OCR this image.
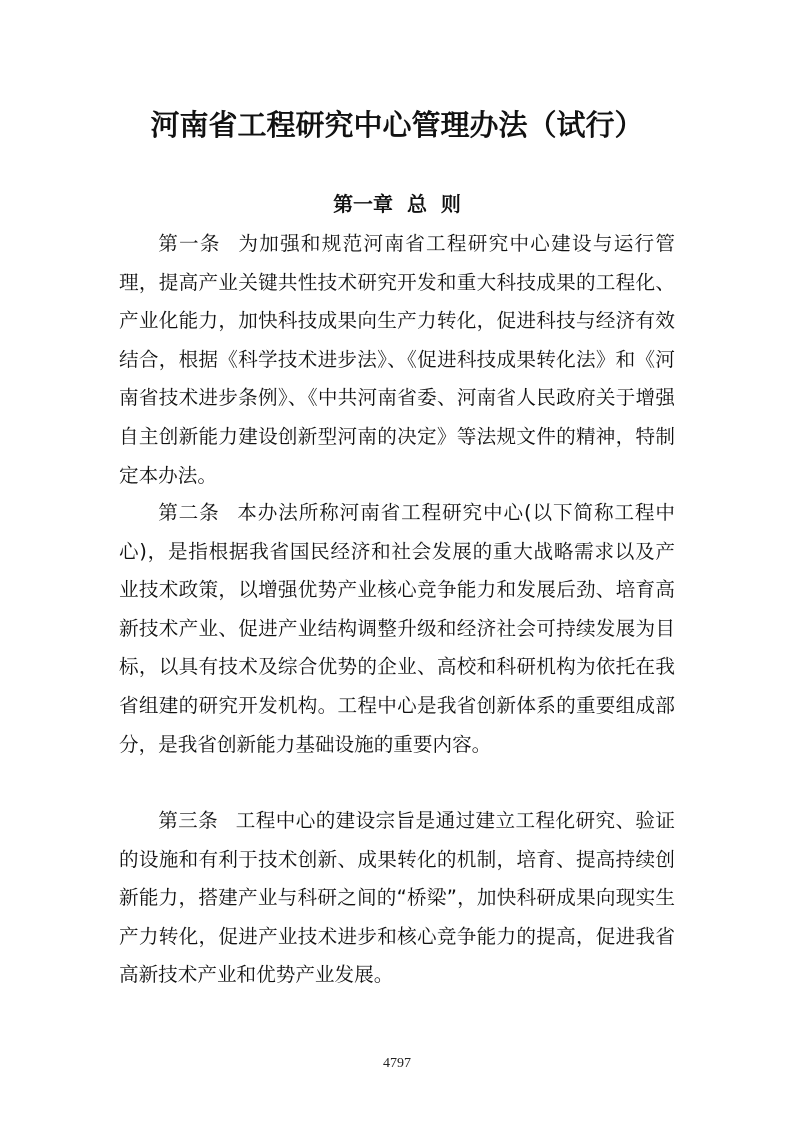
河南省工程研究中心管理办法（试行）
第一章  总  则

第一条 为加强和规范河南省工程研究中心建设与运行管理，提高产业关键共性技术研究开发和重大科技成果的工程化、产业化能力，加快科技成果向生产力转化，促进科技与经济有效结合，根据《科学技术进步法》、《促进科技成果转化法》和《河南省技术进步条例》、《中共河南省委、河南省人民政府关于增强自主创新能力建设创新型河南的决定》等法规文件的精神，特制定本办法。

第二条 本办法所称河南省工程研究中心(以下简称工程中心)，是指根据我省国民经济和社会发展的重大战略需求以及产业技术政策，以增强优势产业核心竞争能力和发展后劲、培育高新技术产业、促进产业结构调整升级和经济社会可持续发展为目标，以具有技术及综合优势的企业、高校和科研机构为依托在我省组建的研究开发机构。工程中心是我省创新体系的重要组成部分，是我省创新能力基础设施的重要内容。

第三条 工程中心的建设宗旨是通过建立工程化研究、验证的设施和有利于技术创新、成果转化的机制，培育、提高持续创新能力，搭建产业与科研之间的“桥梁”，加快科研成果向现实生产力转化，促进产业技术进步和核心竞争能力的提高，促进我省高新技术产业和优势产业发展。

4797
